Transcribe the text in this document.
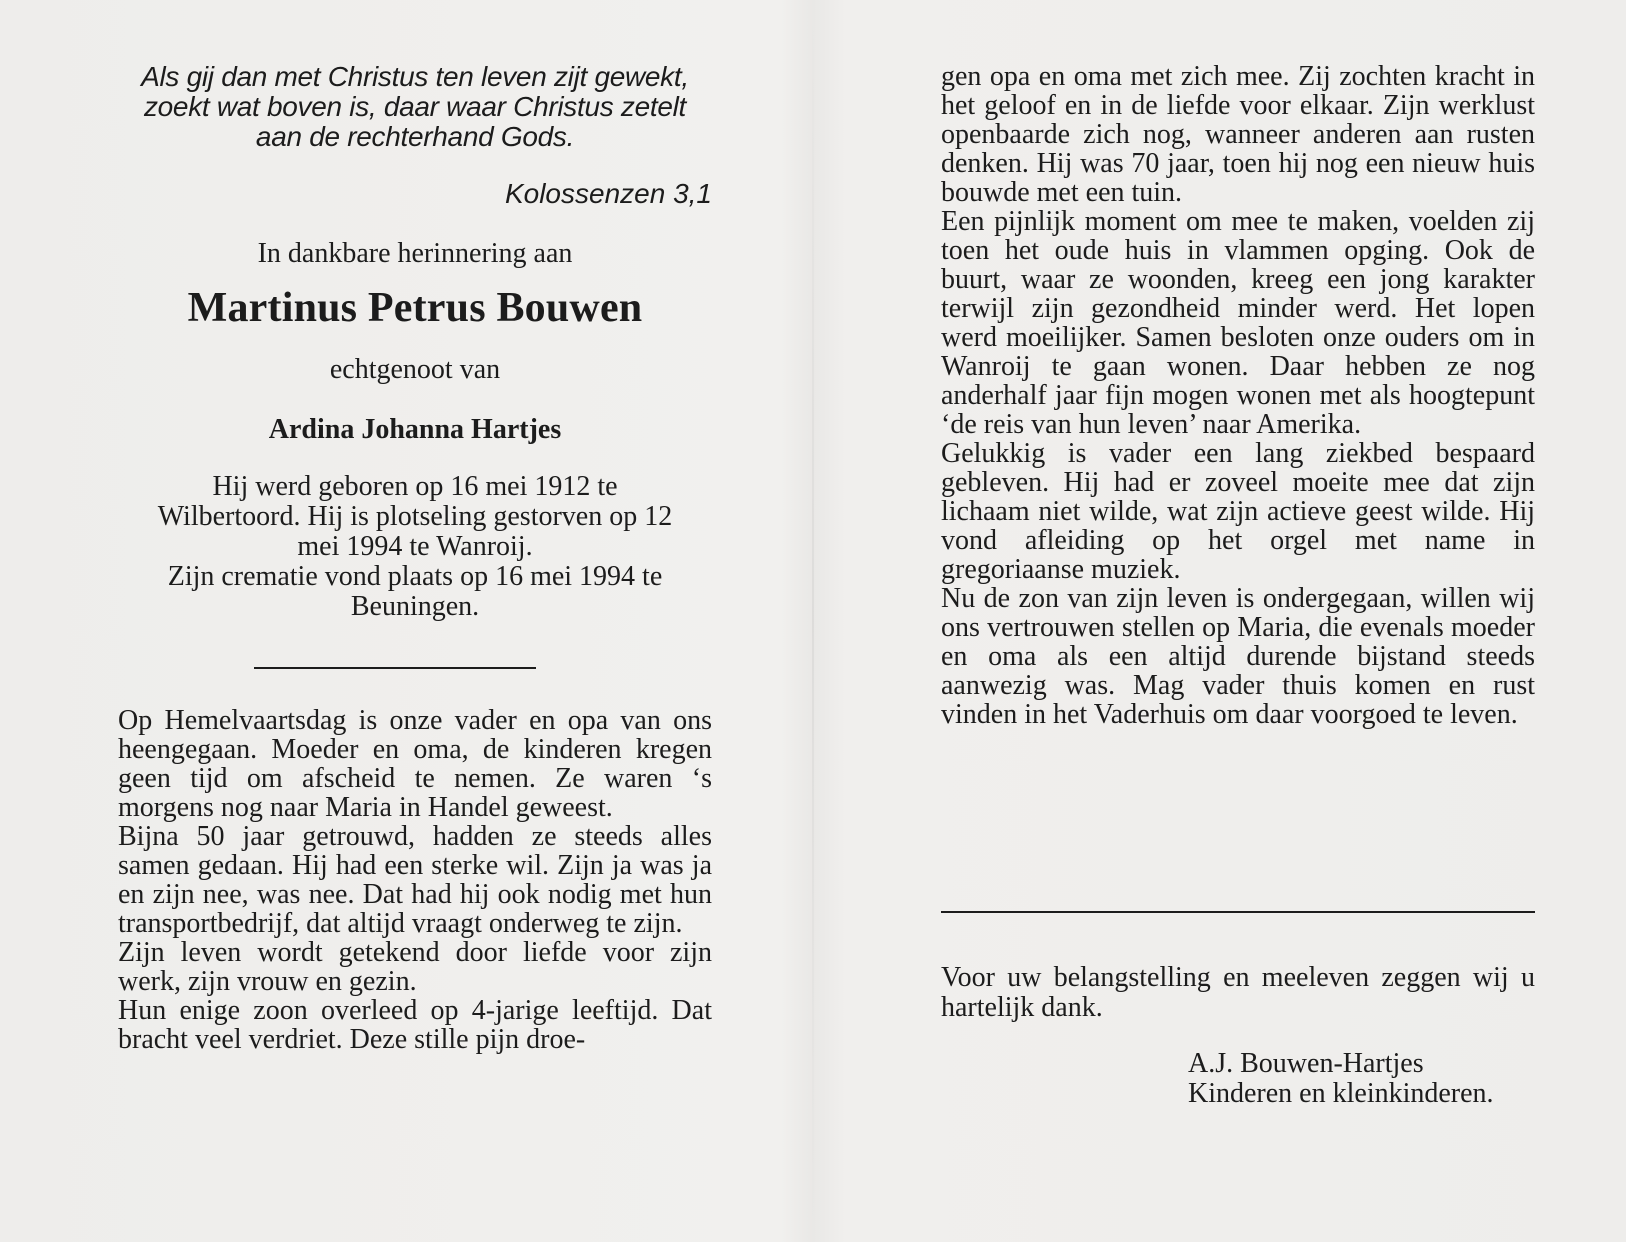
Als gij dan met Christus ten leven zijt gewekt,
zoekt wat boven is, daar waar Christus zetelt
aan de rechterhand Gods.
Kolossenzen 3,1
In dankbare herinnering aan
Martinus Petrus Bouwen
echtgenoot van
Ardina Johanna Hartjes
Hij werd geboren op 16 mei 1912 te
Wilbertoord. Hij is plotseling gestorven op 12
mei 1994 te Wanroij.
Zijn crematie vond plaats op 16 mei 1994 te
Beuningen.

Op Hemelvaartsdag is onze vader en opa van ons heengegaan. Moeder en oma, de kinderen kregen geen tijd om afscheid te nemen. Ze waren ‘s morgens nog naar Maria in Handel geweest.

Bijna 50 jaar getrouwd, hadden ze steeds alles samen gedaan. Hij had een sterke wil. Zijn ja was ja en zijn nee, was nee. Dat had hij ook nodig met hun transportbedrijf, dat altijd vraagt onderweg te zijn.

Zijn leven wordt getekend door liefde voor zijn werk, zijn vrouw en gezin.

Hun enige zoon overleed op 4-jarige leeftijd. Dat bracht veel verdriet. Deze stille pijn droe-

gen opa en oma met zich mee. Zij zochten kracht in het geloof en in de liefde voor elkaar. Zijn werklust openbaarde zich nog, wanneer anderen aan rusten denken. Hij was 70 jaar, toen hij nog een nieuw huis bouwde met een tuin.

Een pijnlijk moment om mee te maken, voelden zij toen het oude huis in vlammen opging. Ook de buurt, waar ze woonden, kreeg een jong karakter terwijl zijn gezondheid minder werd. Het lopen werd moeilijker. Samen besloten onze ouders om in Wanroij te gaan wonen. Daar hebben ze nog anderhalf jaar fijn mogen wonen met als hoogtepunt ‘de reis van hun leven’ naar Amerika.

Gelukkig is vader een lang ziekbed bespaard gebleven. Hij had er zoveel moeite mee dat zijn lichaam niet wilde, wat zijn actieve geest wilde. Hij vond afleiding op het orgel met name in gregoriaanse muziek.

Nu de zon van zijn leven is ondergegaan, willen wij ons vertrouwen stellen op Maria, die evenals moeder en oma als een altijd durende bijstand steeds aanwezig was. Mag vader thuis komen en rust vinden in het Vaderhuis om daar voorgoed te leven.

Voor uw belangstelling en meeleven zeggen wij u hartelijk dank.
A.J. Bouwen-Hartjes
Kinderen en kleinkinderen.
